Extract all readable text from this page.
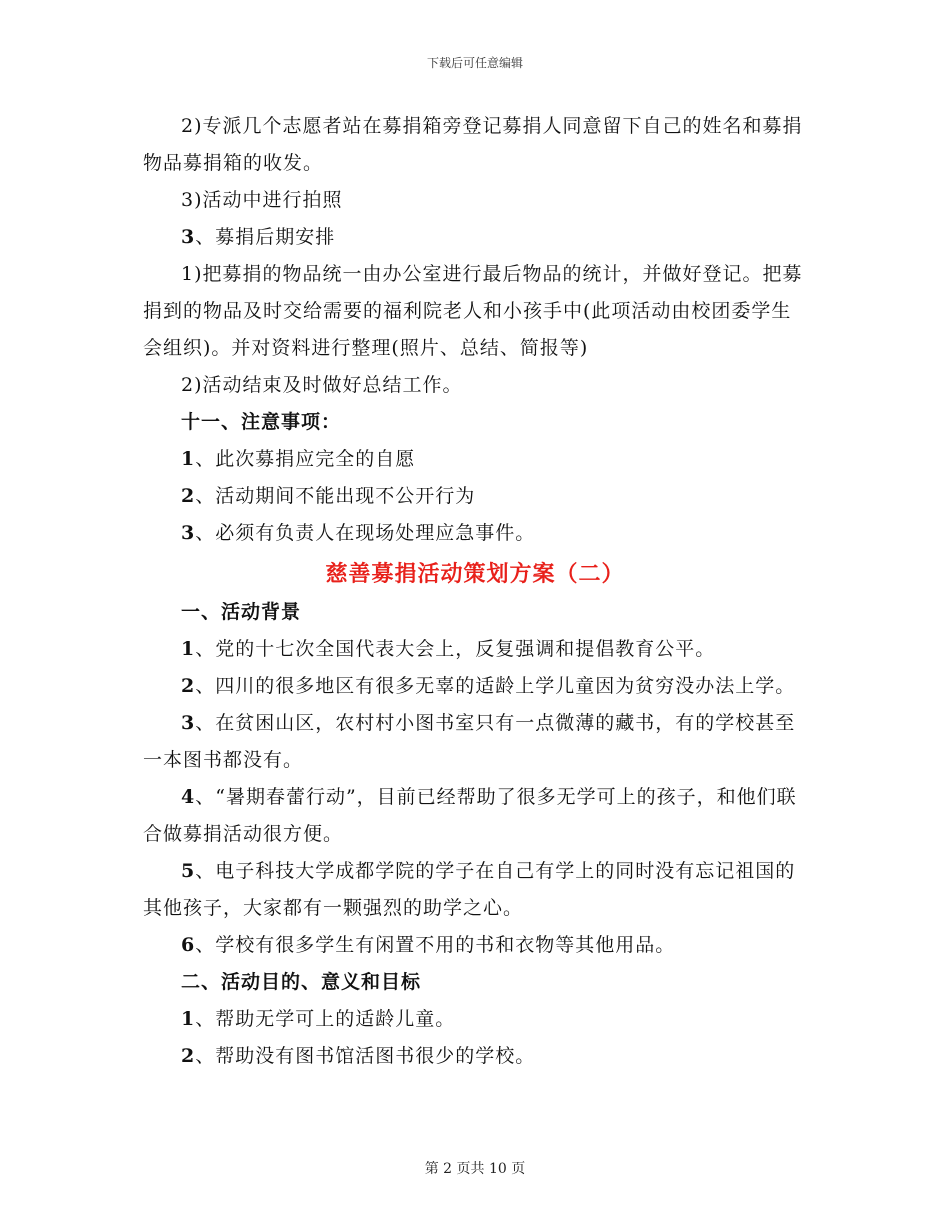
下载后可任意编辑

2)专派几个志愿者站在募捐箱旁登记募捐人同意留下自己的姓名和募捐物品募捐箱的收发。

3)活动中进行拍照

3、募捐后期安排

1)把募捐的物品统一由办公室进行最后物品的统计，并做好登记。把募捐到的物品及时交给需要的福利院老人和小孩手中(此项活动由校团委学生会组织)。并对资料进行整理(照片、总结、简报等)

2)活动结束及时做好总结工作。

十一、注意事项：

1、此次募捐应完全的自愿

2、活动期间不能出现不公开行为

3、必须有负责人在现场处理应急事件。

慈善募捐活动策划方案（二）

一、活动背景

1、党的十七次全国代表大会上，反复强调和提倡教育公平。

2、四川的很多地区有很多无辜的适龄上学儿童因为贫穷没办法上学。

3、在贫困山区，农村村小图书室只有一点微薄的藏书，有的学校甚至一本图书都没有。

4、“暑期春蕾行动”，目前已经帮助了很多无学可上的孩子，和他们联合做募捐活动很方便。

5、电子科技大学成都学院的学子在自己有学上的同时没有忘记祖国的其他孩子，大家都有一颗强烈的助学之心。

6、学校有很多学生有闲置不用的书和衣物等其他用品。

二、活动目的、意义和目标

1、帮助无学可上的适龄儿童。

2、帮助没有图书馆活图书很少的学校。

第 2 页共 10 页
